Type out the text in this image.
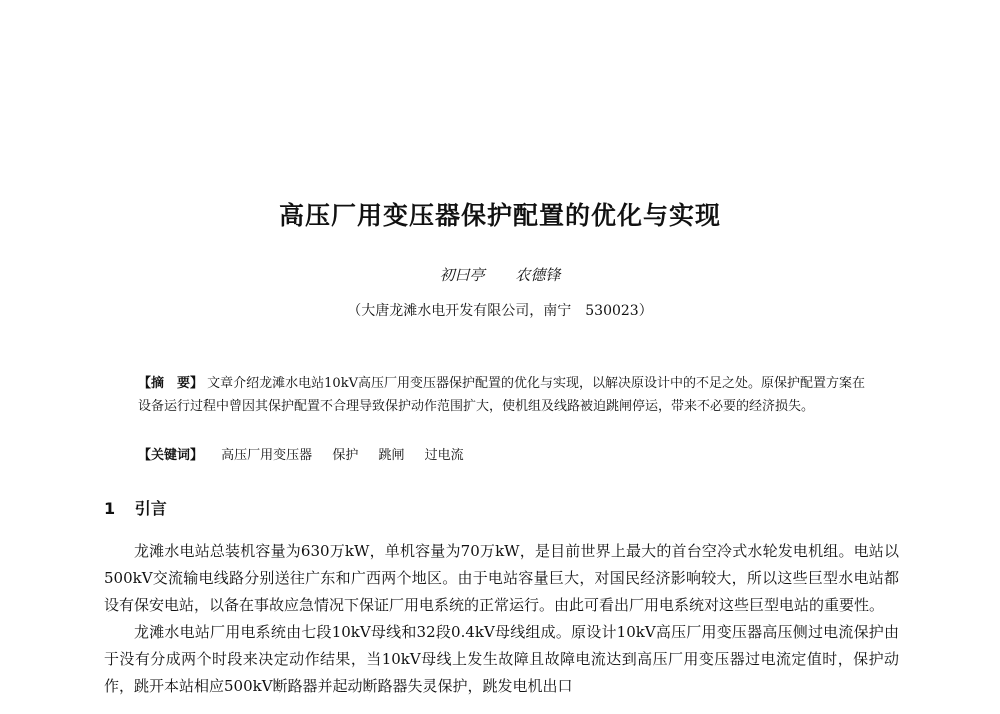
高压厂用变压器保护配置的优化与实现
初曰亭 农德锋
（大唐龙滩水电开发有限公司，南宁　530023）
【摘　要】 文章介绍龙滩水电站10kV高压厂用变压器保护配置的优化与实现，以解决原设计中的不足之处。原保护配置方案在设备运行过程中曾因其保护配置不合理导致保护动作范围扩大，使机组及线路被迫跳闸停运，带来不必要的经济损失。
【关键词】 高压厂用变压器 保护 跳闸 过电流
1 引言

龙滩水电站总装机容量为630万kW，单机容量为70万kW，是目前世界上最大的首台空冷式水轮发电机组。电站以500kV交流输电线路分别送往广东和广西两个地区。由于电站容量巨大，对国民经济影响较大，所以这些巨型水电站都设有保安电站，以备在事故应急情况下保证厂用电系统的正常运行。由此可看出厂用电系统对这些巨型电站的重要性。

龙滩水电站厂用电系统由七段10kV母线和32段0.4kV母线组成。原设计10kV高压厂用变压器高压侧过电流保护由于没有分成两个时段来决定动作结果，当10kV母线上发生故障且故障电流达到高压厂用变压器过电流定值时，保护动作，跳开本站相应500kV断路器并起动断路器失灵保护，跳发电机出口
